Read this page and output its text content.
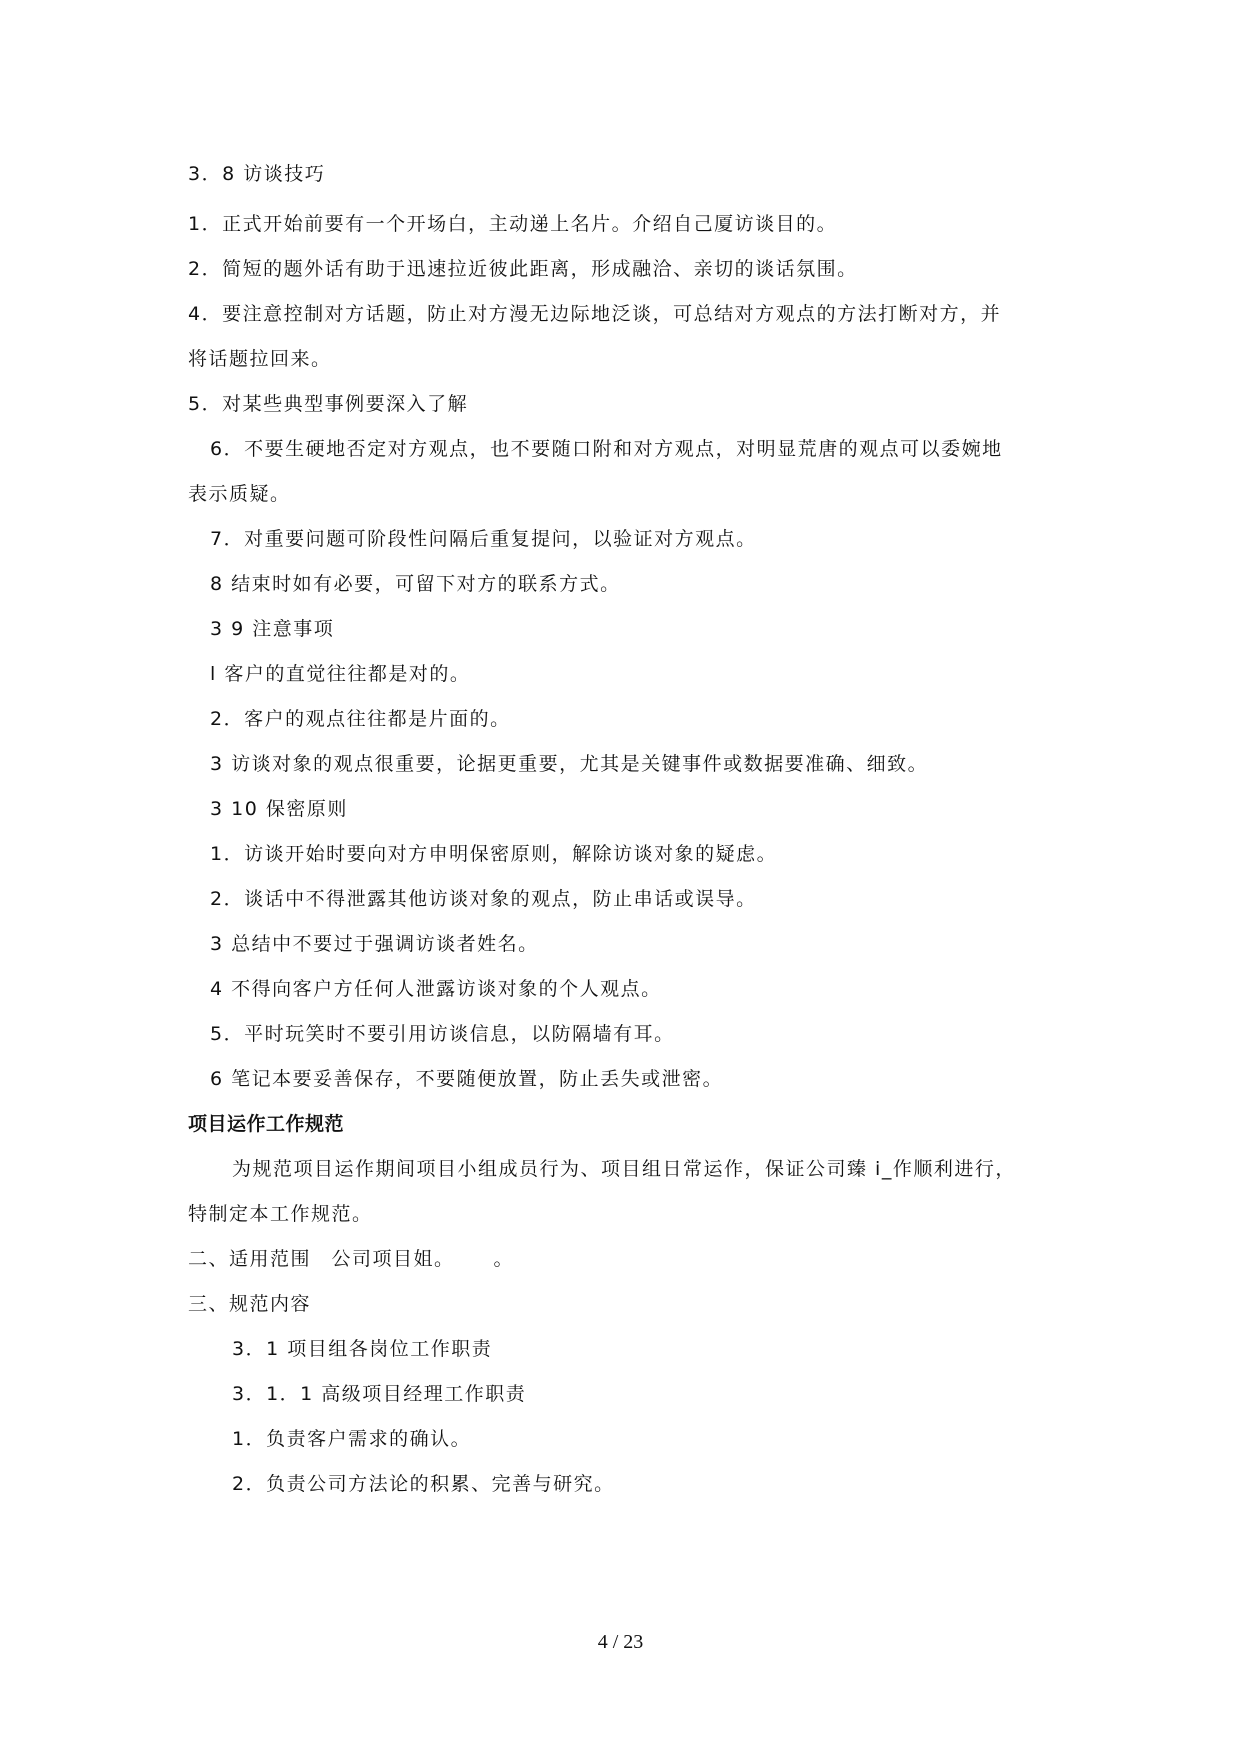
3．8 访谈技巧
1．正式开始前要有一个开场白，主动递上名片。介绍自己厦访谈目的。
2．简短的题外话有助于迅速拉近彼此距离，形成融洽、亲切的谈话氛围。
4．要注意控制对方话题，防止对方漫无边际地泛谈，可总结对方观点的方法打断对方，并
将话题拉回来。
5．对某些典型事例要深入了解
6．不要生硬地否定对方观点，也不要随口附和对方观点，对明显荒唐的观点可以委婉地
表示质疑。
7．对重要问题可阶段性问隔后重复提问，以验证对方观点。
8 结束时如有必要，可留下对方的联系方式。
3 9 注意事项
l 客户的直觉往往都是对的。
2．客户的观点往往都是片面的。
3 访谈对象的观点很重要，论据更重要，尤其是关键事件或数据要准确、细致。
3 10 保密原则
1．访谈开始时要向对方申明保密原则，解除访谈对象的疑虑。
2．谈话中不得泄露其他访谈对象的观点，防止串话或误导。
3 总结中不要过于强调访谈者姓名。
4 不得向客户方任何人泄露访谈对象的个人观点。
5．平时玩笑时不要引用访谈信息，以防隔墙有耳。
6 笔记本要妥善保存，不要随便放置，防止丢失或泄密。
项目运作工作规范
为规范项目运作期间项目小组成员行为、项目组日常运作，保证公司臻 i_作顺利进行，
特制定本工作规范。
二、适用范围　公司项目姐。　　 。
三、规范内容
3．1 项目组各岗位工作职责
3．1．1 高级项目经理工作职责
1．负责客户需求的确认。
2．负责公司方法论的积累、完善与研究。
4 / 23
